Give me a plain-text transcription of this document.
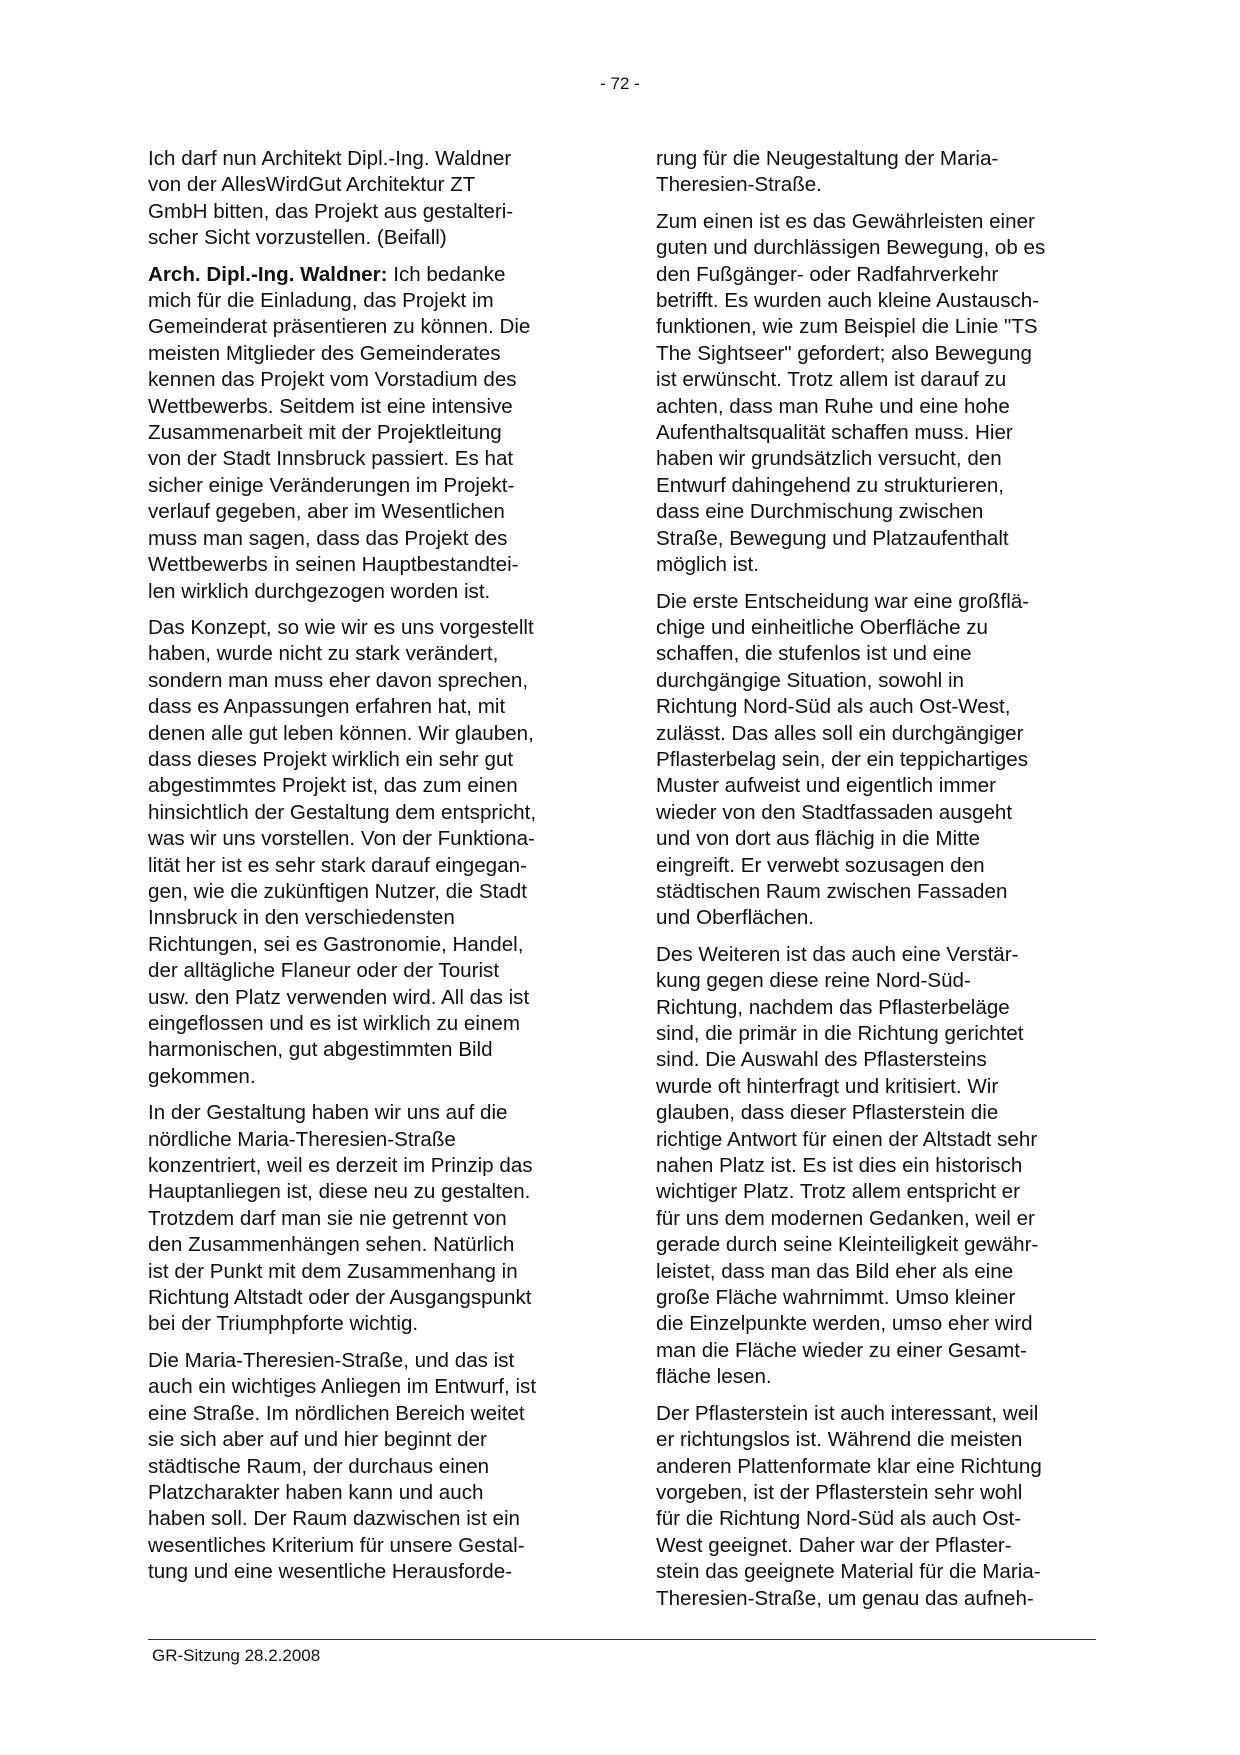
- 72 -

Ich darf nun Architekt Dipl.-Ing. Waldner
von der AllesWirdGut Architektur ZT
GmbH bitten, das Projekt aus gestalteri-
scher Sicht vorzustellen. (Beifall)

Arch. Dipl.-Ing. Waldner: Ich bedanke
mich für die Einladung, das Projekt im
Gemeinderat präsentieren zu können. Die
meisten Mitglieder des Gemeinderates
kennen das Projekt vom Vorstadium des
Wettbewerbs. Seitdem ist eine intensive
Zusammenarbeit mit der Projektleitung
von der Stadt Innsbruck passiert. Es hat
sicher einige Veränderungen im Projekt-
verlauf gegeben, aber im Wesentlichen
muss man sagen, dass das Projekt des
Wettbewerbs in seinen Hauptbestandtei-
len wirklich durchgezogen worden ist.

Das Konzept, so wie wir es uns vorgestellt
haben, wurde nicht zu stark verändert,
sondern man muss eher davon sprechen,
dass es Anpassungen erfahren hat, mit
denen alle gut leben können. Wir glauben,
dass dieses Projekt wirklich ein sehr gut
abgestimmtes Projekt ist, das zum einen
hinsichtlich der Gestaltung dem entspricht,
was wir uns vorstellen. Von der Funktiona-
lität her ist es sehr stark darauf eingegan-
gen, wie die zukünftigen Nutzer, die Stadt
Innsbruck in den verschiedensten
Richtungen, sei es Gastronomie, Handel,
der alltägliche Flaneur oder der Tourist
usw. den Platz verwenden wird. All das ist
eingeflossen und es ist wirklich zu einem
harmonischen, gut abgestimmten Bild
gekommen.

In der Gestaltung haben wir uns auf die
nördliche Maria-Theresien-Straße
konzentriert, weil es derzeit im Prinzip das
Hauptanliegen ist, diese neu zu gestalten.
Trotzdem darf man sie nie getrennt von
den Zusammenhängen sehen. Natürlich
ist der Punkt mit dem Zusammenhang in
Richtung Altstadt oder der Ausgangspunkt
bei der Triumphpforte wichtig.

Die Maria-Theresien-Straße, und das ist
auch ein wichtiges Anliegen im Entwurf, ist
eine Straße. Im nördlichen Bereich weitet
sie sich aber auf und hier beginnt der
städtische Raum, der durchaus einen
Platzcharakter haben kann und auch
haben soll. Der Raum dazwischen ist ein
wesentliches Kriterium für unsere Gestal-
tung und eine wesentliche Herausforde-

rung für die Neugestaltung der Maria-
Theresien-Straße.

Zum einen ist es das Gewährleisten einer
guten und durchlässigen Bewegung, ob es
den Fußgänger- oder Radfahrverkehr
betrifft. Es wurden auch kleine Austausch-
funktionen, wie zum Beispiel die Linie "TS
The Sightseer" gefordert; also Bewegung
ist erwünscht. Trotz allem ist darauf zu
achten, dass man Ruhe und eine hohe
Aufenthaltsqualität schaffen muss. Hier
haben wir grundsätzlich versucht, den
Entwurf dahingehend zu strukturieren,
dass eine Durchmischung zwischen
Straße, Bewegung und Platzaufenthalt
möglich ist.

Die erste Entscheidung war eine großflä-
chige und einheitliche Oberfläche zu
schaffen, die stufenlos ist und eine
durchgängige Situation, sowohl in
Richtung Nord-Süd als auch Ost-West,
zulässt. Das alles soll ein durchgängiger
Pflasterbelag sein, der ein teppichartiges
Muster aufweist und eigentlich immer
wieder von den Stadtfassaden ausgeht
und von dort aus flächig in die Mitte
eingreift. Er verwebt sozusagen den
städtischen Raum zwischen Fassaden
und Oberflächen.

Des Weiteren ist das auch eine Verstär-
kung gegen diese reine Nord-Süd-
Richtung, nachdem das Pflasterbeläge
sind, die primär in die Richtung gerichtet
sind. Die Auswahl des Pflastersteins
wurde oft hinterfragt und kritisiert. Wir
glauben, dass dieser Pflasterstein die
richtige Antwort für einen der Altstadt sehr
nahen Platz ist. Es ist dies ein historisch
wichtiger Platz. Trotz allem entspricht er
für uns dem modernen Gedanken, weil er
gerade durch seine Kleinteiligkeit gewähr-
leistet, dass man das Bild eher als eine
große Fläche wahrnimmt. Umso kleiner
die Einzelpunkte werden, umso eher wird
man die Fläche wieder zu einer Gesamt-
fläche lesen.

Der Pflasterstein ist auch interessant, weil
er richtungslos ist. Während die meisten
anderen Plattenformate klar eine Richtung
vorgeben, ist der Pflasterstein sehr wohl
für die Richtung Nord-Süd als auch Ost-
West geeignet. Daher war der Pflaster-
stein das geeignete Material für die Maria-
Theresien-Straße, um genau das aufneh-

GR-Sitzung 28.2.2008
